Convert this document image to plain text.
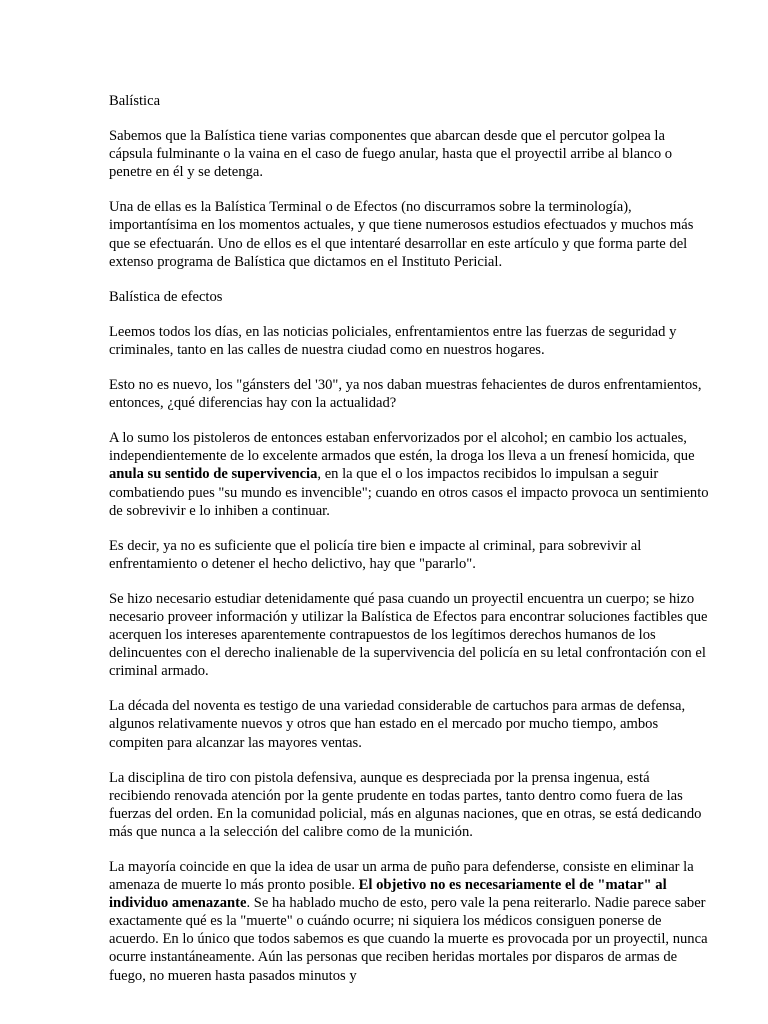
Balística

Sabemos que la Balística tiene varias componentes que abarcan desde que el percutor golpea la cápsula fulminante o la vaina en el caso de fuego anular, hasta que el proyectil arribe al blanco o penetre en él y se detenga.

Una de ellas es la Balística Terminal o de Efectos (no discurramos sobre la terminología), importantísima en los momentos actuales, y que tiene numerosos estudios efectuados y muchos más que se efectuarán. Uno de ellos es el que intentaré desarrollar en este artículo y que forma parte del extenso programa de Balística que dictamos en el Instituto Pericial.

Balística de efectos

Leemos todos los días, en las noticias policiales, enfrentamientos entre las fuerzas de seguridad y criminales, tanto en las calles de nuestra ciudad como en nuestros hogares.

Esto no es nuevo, los "gánsters del '30", ya nos daban muestras fehacientes de duros enfrentamientos, entonces, ¿qué diferencias hay con la actualidad?

A lo sumo los pistoleros de entonces estaban enfervorizados por el alcohol; en cambio los actuales, independientemente de lo excelente armados que estén, la droga los lleva a un frenesí homicida, que anula su sentido de supervivencia, en la que el o los impactos recibidos lo impulsan a seguir combatiendo pues "su mundo es invencible"; cuando en otros casos el impacto provoca un sentimiento de sobrevivir e lo inhiben a continuar.

Es decir, ya no es suficiente que el policía tire bien e impacte al criminal, para sobrevivir al enfrentamiento o detener el hecho delictivo, hay que "pararlo".

Se hizo necesario estudiar detenidamente qué pasa cuando un proyectil encuentra un cuerpo; se hizo necesario proveer información y utilizar la Balística de Efectos para encontrar soluciones factibles que acerquen los intereses aparentemente contrapuestos de los legítimos derechos humanos de los delincuentes con el derecho inalienable de la supervivencia del policía en su letal confrontación con el criminal armado.

La década del noventa es testigo de una variedad considerable de cartuchos para armas de defensa, algunos relativamente nuevos y otros que han estado en el mercado por mucho tiempo, ambos compiten para alcanzar las mayores ventas.

La disciplina de tiro con pistola defensiva, aunque es despreciada por la prensa ingenua, está recibiendo renovada atención por la gente prudente en todas partes, tanto dentro como fuera de las fuerzas del orden. En la comunidad policial, más en algunas naciones, que en otras, se está dedicando más que nunca a la selección del calibre como de la munición.

La mayoría coincide en que la idea de usar un arma de puño para defenderse, consiste en eliminar la amenaza de muerte lo más pronto posible. El objetivo no es necesariamente el de "matar" al individuo amenazante. Se ha hablado mucho de esto, pero vale la pena reiterarlo. Nadie parece saber exactamente qué es la "muerte" o cuándo ocurre; ni siquiera los médicos consiguen ponerse de acuerdo. En lo único que todos sabemos es que cuando la muerte es provocada por un proyectil, nunca ocurre instantáneamente. Aún las personas que reciben heridas mortales por disparos de armas de fuego, no mueren hasta pasados minutos y
